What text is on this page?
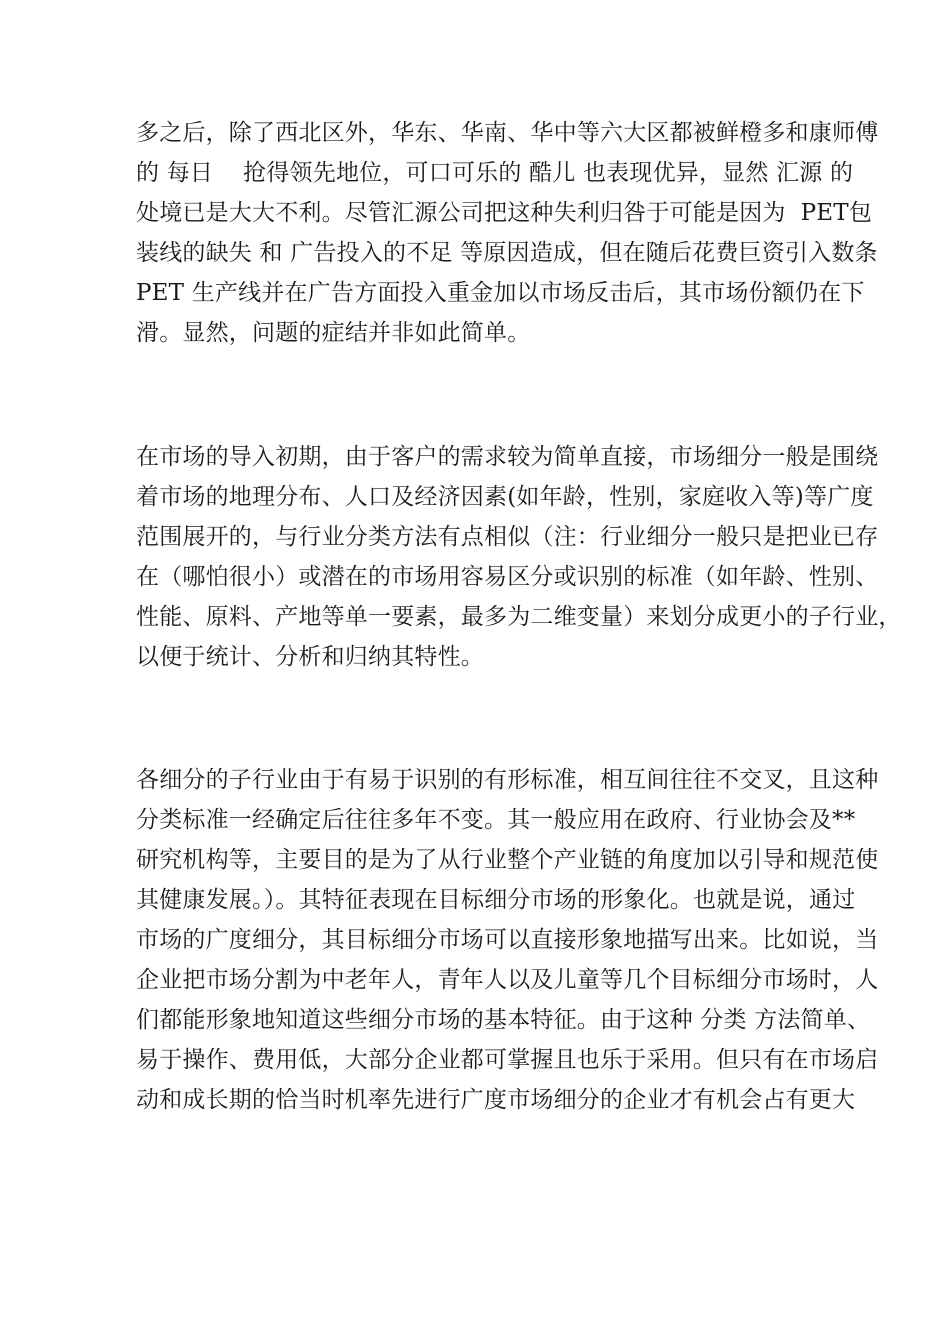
多之后，除了西北区外，华东、华南、华中等六大区都被鲜橙多和康师傅
的 每日    抢得领先地位，可口可乐的 酷儿 也表现优异，显然 汇源 的
处境已是大大不利。尽管汇源公司把这种失利归咎于可能是因为  PET包
装线的缺失 和 广告投入的不足 等原因造成，但在随后花费巨资引入数条
PET 生产线并在广告方面投入重金加以市场反击后，其市场份额仍在下
滑。显然，问题的症结并非如此简单。
在市场的导入初期，由于客户的需求较为简单直接，市场细分一般是围绕
着市场的地理分布、人口及经济因素(如年龄，性别，家庭收入等)等广度
范围展开的，与行业分类方法有点相似（注：行业细分一般只是把业已存
在（哪怕很小）或潜在的市场用容易区分或识别的标准（如年龄、性别、
性能、原料、产地等单一要素，最多为二维变量）来划分成更小的子行业，
以便于统计、分析和归纳其特性。
各细分的子行业由于有易于识别的有形标准，相互间往往不交叉，且这种
分类标准一经确定后往往多年不变。其一般应用在政府、行业协会及**
研究机构等，主要目的是为了从行业整个产业链的角度加以引导和规范使
其健康发展。）。其特征表现在目标细分市场的形象化。也就是说，通过
市场的广度细分，其目标细分市场可以直接形象地描写出来。比如说，当
企业把市场分割为中老年人，青年人以及儿童等几个目标细分市场时，人
们都能形象地知道这些细分市场的基本特征。由于这种 分类 方法简单、
易于操作、费用低，大部分企业都可掌握且也乐于采用。但只有在市场启
动和成长期的恰当时机率先进行广度市场细分的企业才有机会占有更大
